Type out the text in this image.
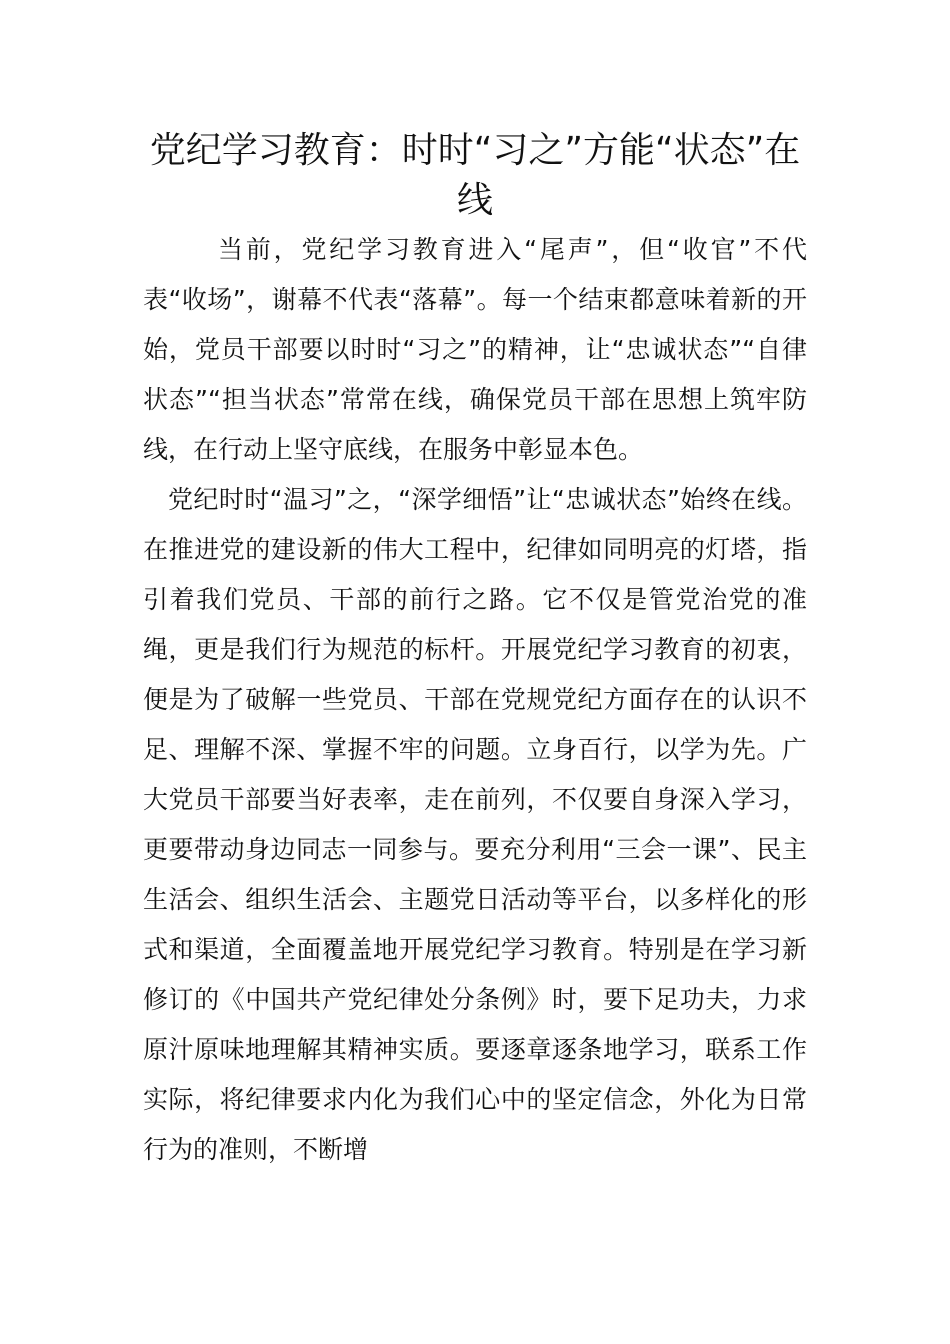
党纪学习教育：时时“习之”方能“状态”在线

当前，党纪学习教育进入“尾声”，但“收官”不代表“收场”，谢幕不代表“落幕”。每一个结束都意味着新的开始，党员干部要以时时“习之”的精神，让“忠诚状态”“自律状态”“担当状态”常常在线，确保党员干部在思想上筑牢防线，在行动上坚守底线，在服务中彰显本色。

党纪时时“温习”之，“深学细悟”让“忠诚状态”始终在线。在推进党的建设新的伟大工程中，纪律如同明亮的灯塔，指引着我们党员、干部的前行之路。它不仅是管党治党的准绳，更是我们行为规范的标杆。开展党纪学习教育的初衷，便是为了破解一些党员、干部在党规党纪方面存在的认识不足、理解不深、掌握不牢的问题。立身百行，以学为先。广大党员干部要当好表率，走在前列，不仅要自身深入学习，更要带动身边同志一同参与。要充分利用“三会一课”、民主生活会、组织生活会、主题党日活动等平台，以多样化的形式和渠道，全面覆盖地开展党纪学习教育。特别是在学习新修订的《中国共产党纪律处分条例》时，要下足功夫，力求原汁原味地理解其精神实质。要逐章逐条地学习，联系工作实际，将纪律要求内化为我们心中的坚定信念，外化为日常行为的准则，不断增
